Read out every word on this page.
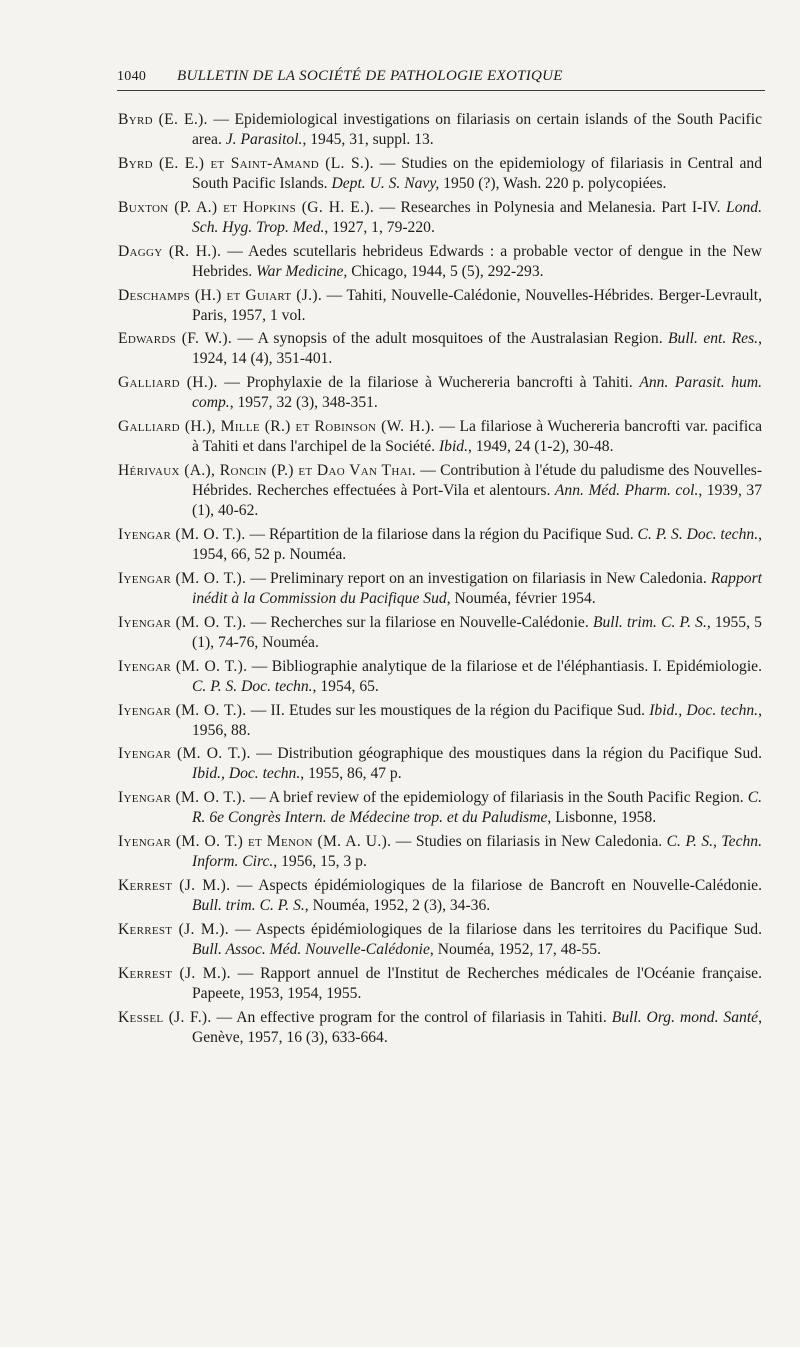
1040	BULLETIN DE LA SOCIÉTÉ DE PATHOLOGIE EXOTIQUE

Byrd (E. E.). — Epidemiological investigations on filariasis on certain islands of the South Pacific area. J. Parasitol., 1945, 31, suppl. 13.

Byrd (E. E.) et Saint-Amand (L. S.). — Studies on the epidemiology of filariasis in Central and South Pacific Islands. Dept. U. S. Navy, 1950 (?), Wash. 220 p. polycopiées.

Buxton (P. A.) et Hopkins (G. H. E.). — Researches in Polynesia and Melanesia. Part I-IV. Lond. Sch. Hyg. Trop. Med., 1927, 1, 79-220.

Daggy (R. H.). — Aedes scutellaris hebrideus Edwards : a probable vector of dengue in the New Hebrides. War Medicine, Chicago, 1944, 5 (5), 292-293.

Deschamps (H.) et Guiart (J.). — Tahiti, Nouvelle-Calédonie, Nouvelles-Hébrides. Berger-Levrault, Paris, 1957, 1 vol.

Edwards (F. W.). — A synopsis of the adult mosquitoes of the Australasian Region. Bull. ent. Res., 1924, 14 (4), 351-401.

Galliard (H.). — Prophylaxie de la filariose à Wuchereria bancrofti à Tahiti. Ann. Parasit. hum. comp., 1957, 32 (3), 348-351.

Galliard (H.), Mille (R.) et Robinson (W. H.). — La filariose à Wuchereria bancrofti var. pacifica à Tahiti et dans l'archipel de la Société. Ibid., 1949, 24 (1-2), 30-48.

Hérivaux (A.), Roncin (P.) et Dao Van Thai. — Contribution à l'étude du paludisme des Nouvelles-Hébrides. Recherches effectuées à Port-Vila et alentours. Ann. Méd. Pharm. col., 1939, 37 (1), 40-62.

Iyengar (M. O. T.). — Répartition de la filariose dans la région du Pacifique Sud. C. P. S. Doc. techn., 1954, 66, 52 p. Nouméa.

Iyengar (M. O. T.). — Preliminary report on an investigation on filariasis in New Caledonia. Rapport inédit à la Commission du Pacifique Sud, Nouméa, février 1954.

Iyengar (M. O. T.). — Recherches sur la filariose en Nouvelle-Calédonie. Bull. trim. C. P. S., 1955, 5 (1), 74-76, Nouméa.

Iyengar (M. O. T.). — Bibliographie analytique de la filariose et de l'éléphantiasis. I. Epidémiologie. C. P. S. Doc. techn., 1954, 65.

Iyengar (M. O. T.). — II. Etudes sur les moustiques de la région du Pacifique Sud. Ibid., Doc. techn., 1956, 88.

Iyengar (M. O. T.). — Distribution géographique des moustiques dans la région du Pacifique Sud. Ibid., Doc. techn., 1955, 86, 47 p.

Iyengar (M. O. T.). — A brief review of the epidemiology of filariasis in the South Pacific Region. C. R. 6e Congrès Intern. de Médecine trop. et du Paludisme, Lisbonne, 1958.

Iyengar (M. O. T.) et Menon (M. A. U.). — Studies on filariasis in New Caledonia. C. P. S., Techn. Inform. Circ., 1956, 15, 3 p.

Kerrest (J. M.). — Aspects épidémiologiques de la filariose de Bancroft en Nouvelle-Calédonie. Bull. trim. C. P. S., Nouméa, 1952, 2 (3), 34-36.

Kerrest (J. M.). — Aspects épidémiologiques de la filariose dans les territoires du Pacifique Sud. Bull. Assoc. Méd. Nouvelle-Calédonie, Nouméa, 1952, 17, 48-55.

Kerrest (J. M.). — Rapport annuel de l'Institut de Recherches médicales de l'Océanie française. Papeete, 1953, 1954, 1955.

Kessel (J. F.). — An effective program for the control of filariasis in Tahiti. Bull. Org. mond. Santé, Genève, 1957, 16 (3), 633-664.
